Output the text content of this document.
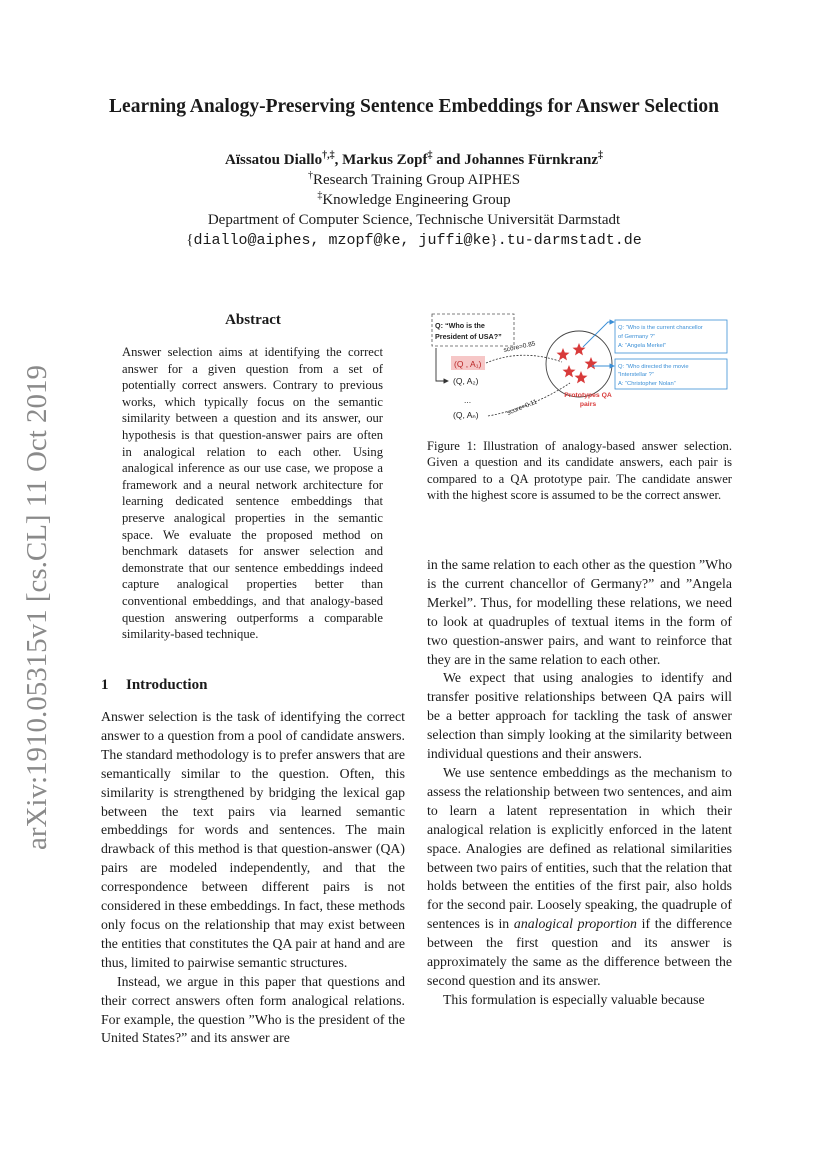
arXiv:1910.05315v1 [cs.CL] 11 Oct 2019
Learning Analogy-Preserving Sentence Embeddings for Answer Selection
Aïssatou Diallo†,‡, Markus Zopf‡ and Johannes Fürnkranz‡
†Research Training Group AIPHES
‡Knowledge Engineering Group
Department of Computer Science, Technische Universität Darmstadt
{diallo@aiphes, mzopf@ke, juffi@ke}.tu-darmstadt.de
Abstract
Answer selection aims at identifying the correct answer for a given question from a set of potentially correct answers. Contrary to previous works, which typically focus on the semantic similarity between a question and its answer, our hypothesis is that question-answer pairs are often in analogical relation to each other. Using analogical inference as our use case, we propose a framework and a neural network architecture for learning dedicated sentence embeddings that preserve analogical properties in the semantic space. We evaluate the proposed method on benchmark datasets for answer selection and demonstrate that our sentence embeddings indeed capture analogical properties better than conventional embeddings, and that analogy-based question answering outperforms a comparable similarity-based technique.
1 Introduction

Answer selection is the task of identifying the correct answer to a question from a pool of candidate answers. The standard methodology is to prefer answers that are semantically similar to the question. Often, this similarity is strengthened by bridging the lexical gap between the text pairs via learned semantic embeddings for words and sentences. The main drawback of this method is that question-answer (QA) pairs are modeled independently, and that the correspondence between different pairs is not considered in these embeddings. In fact, these methods only focus on the relationship that may exist between the entities that constitutes the QA pair at hand and are thus, limited to pairwise semantic structures.

Instead, we argue in this paper that questions and their correct answers often form analogical relations. For example, the question ”Who is the president of the United States?” and its answer are

Q: “Who is the
President of USA?”
(Q , A₁)
(Q, A₂)
...
(Q, Aₙ)
score=0.85
score=0.11
Prototypes QA
pairs
Q: “Who is the current chancellor
of Germany ?”
A: “Angela Merkel”
Q: “Who directed the movie
”Interstellar ?”
A: “Christopher Nolan”
Figure 1: Illustration of analogy-based answer selection. Given a question and its candidate answers, each pair is compared to a QA prototype pair. The candidate answer with the highest score is assumed to be the correct answer.

in the same relation to each other as the question ”Who is the current chancellor of Germany?” and ”Angela Merkel”. Thus, for modelling these relations, we need to look at quadruples of textual items in the form of two question-answer pairs, and want to reinforce that they are in the same relation to each other.

We expect that using analogies to identify and transfer positive relationships between QA pairs will be a better approach for tackling the task of answer selection than simply looking at the similarity between individual questions and their answers.

We use sentence embeddings as the mechanism to assess the relationship between two sentences, and aim to learn a latent representation in which their analogical relation is explicitly enforced in the latent space. Analogies are defined as relational similarities between two pairs of entities, such that the relation that holds between the entities of the first pair, also holds for the second pair. Loosely speaking, the quadruple of sentences is in analogical proportion if the difference between the first question and its answer is approximately the same as the difference between the second question and its answer.

This formulation is especially valuable because
